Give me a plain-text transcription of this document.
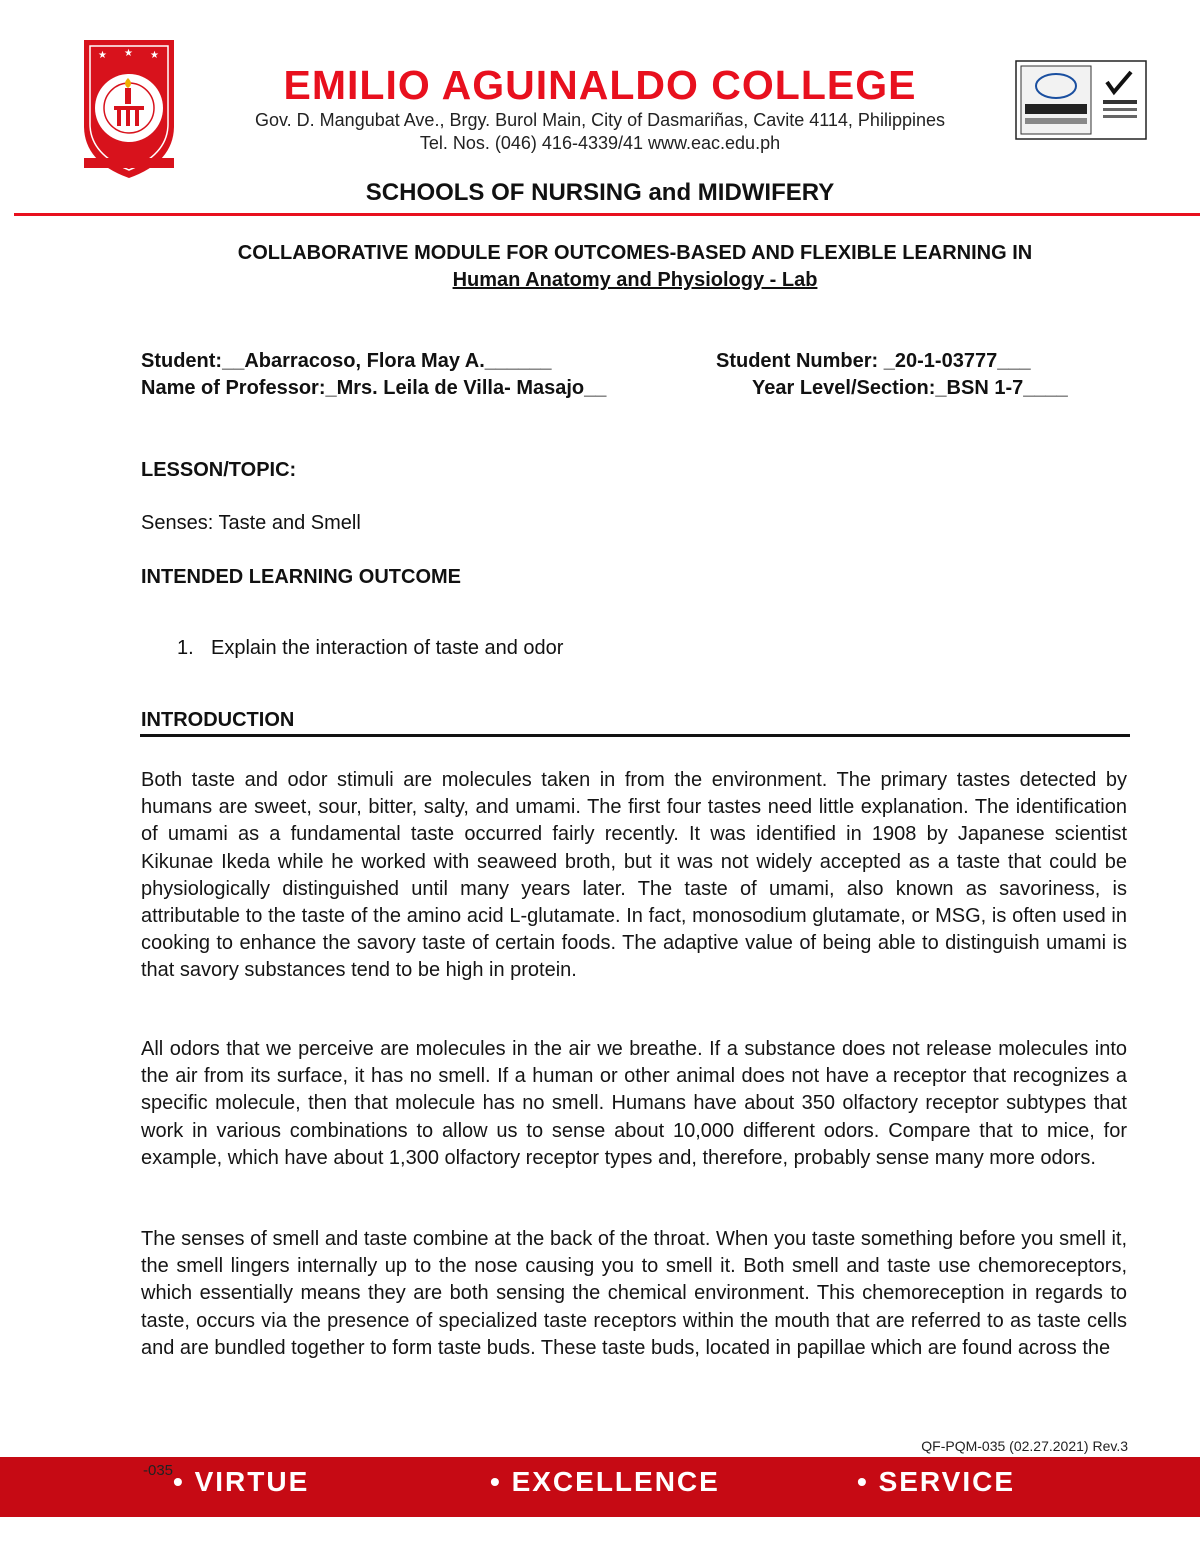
★ ★ ★
EMILIO AGUINALDO COLLEGE
Gov. D. Mangubat Ave., Brgy. Burol Main, City of Dasmariñas, Cavite 4114, Philippines
Tel. Nos. (046) 416-4339/41 www.eac.edu.ph
SCHOOLS OF NURSING and MIDWIFERY
COLLABORATIVE MODULE FOR OUTCOMES-BASED AND FLEXIBLE LEARNING IN
Human Anatomy and Physiology - Lab
Student:__Abarracoso, Flora May A.______	Student Number: _20-1-03777___
Name of Professor:_Mrs. Leila de Villa- Masajo__	Year Level/Section:_BSN 1-7____
LESSON/TOPIC:
Senses: Taste and Smell
INTENDED LEARNING OUTCOME
1. Explain the interaction of taste and odor
INTRODUCTION
Both taste and odor stimuli are molecules taken in from the environment. The primary tastes detected by humans are sweet, sour, bitter, salty, and umami. The first four tastes need little explanation. The identification of umami as a fundamental taste occurred fairly recently. It was identified in 1908 by Japanese scientist Kikunae Ikeda while he worked with seaweed broth, but it was not widely accepted as a taste that could be physiologically distinguished until many years later. The taste of umami, also known as savoriness, is attributable to the taste of the amino acid L-glutamate. In fact, monosodium glutamate, or MSG, is often used in cooking to enhance the savory taste of certain foods. The adaptive value of being able to distinguish umami is that savory substances tend to be high in protein.
All odors that we perceive are molecules in the air we breathe. If a substance does not release molecules into the air from its surface, it has no smell. If a human or other animal does not have a receptor that recognizes a specific molecule, then that molecule has no smell. Humans have about 350 olfactory receptor subtypes that work in various combinations to allow us to sense about 10,000 different odors. Compare that to mice, for example, which have about 1,300 olfactory receptor types and, therefore, probably sense many more odors.
The senses of smell and taste combine at the back of the throat. When you taste something before you smell it, the smell lingers internally up to the nose causing you to smell it. Both smell and taste use chemoreceptors, which essentially means they are both sensing the chemical environment. This chemoreception in regards to taste, occurs via the presence of specialized taste receptors within the mouth that are referred to as taste cells and are bundled together to form taste buds. These taste buds, located in papillae which are found across the
QF-PQM-035 (02.27.2021) Rev.3
• VIRTUE	• EXCELLENCE	• SERVICE
-035
